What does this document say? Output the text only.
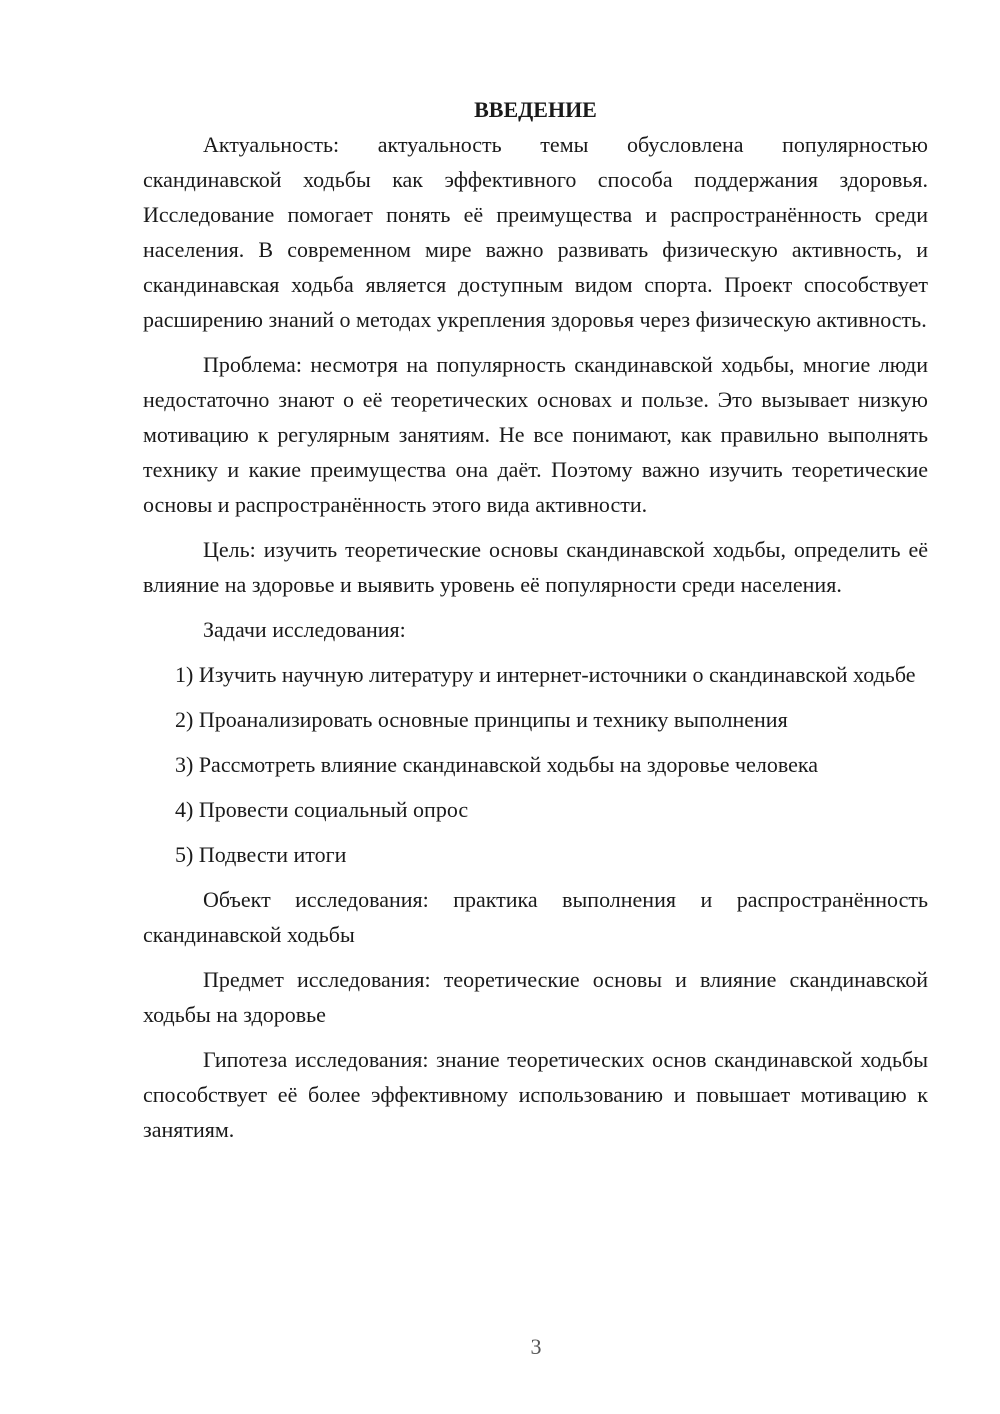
ВВЕДЕНИЕ

Актуальность: актуальность темы обусловлена популярностью скандинавской ходьбы как эффективного способа поддержания здоровья. Исследование помогает понять её преимущества и распространённость среди населения. В современном мире важно развивать физическую активность, и скандинавская ходьба является доступным видом спорта. Проект способствует расширению знаний о методах укрепления здоровья через физическую активность.

Проблема: несмотря на популярность скандинавской ходьбы, многие люди недостаточно знают о её теоретических основах и пользе. Это вызывает низкую мотивацию к регулярным занятиям. Не все понимают, как правильно выполнять технику и какие преимущества она даёт. Поэтому важно изучить теоретические основы и распространённость этого вида активности.

Цель: изучить теоретические основы скандинавской ходьбы, определить её влияние на здоровье и выявить уровень её популярности среди населения.

Задачи исследования:

1) Изучить научную литературу и интернет-источники о скандинавской ходьбе

2) Проанализировать основные принципы и технику выполнения

3) Рассмотреть влияние скандинавской ходьбы на здоровье человека

4) Провести социальный опрос

5) Подвести итоги

Объект исследования: практика выполнения и распространённость скандинавской ходьбы

Предмет исследования: теоретические основы и влияние скандинавской ходьбы на здоровье

Гипотеза исследования: знание теоретических основ скандинавской ходьбы способствует её более эффективному использованию и повышает мотивацию к занятиям.

3
